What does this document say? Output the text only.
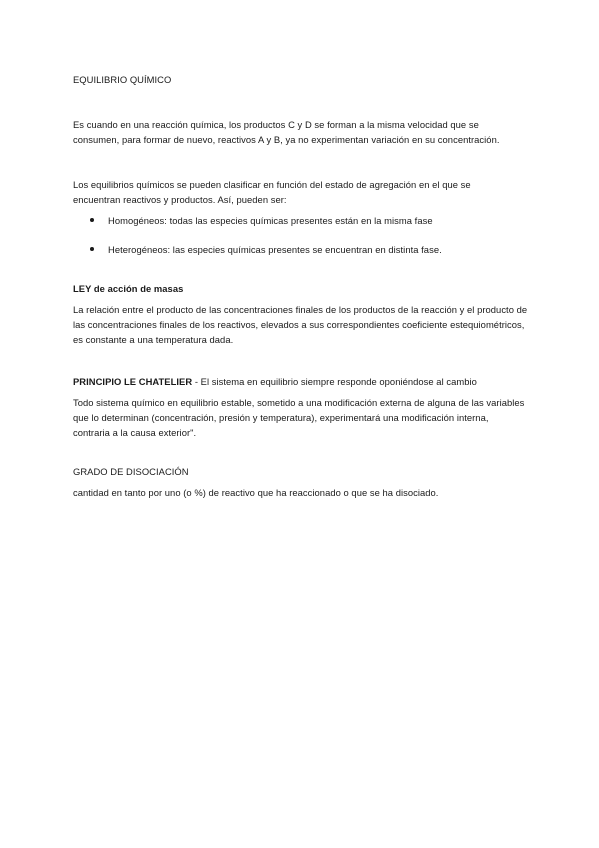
EQUILIBRIO QUÍMICO
Es cuando en una reacción química, los productos C y D se forman a la misma velocidad que se consumen, para formar de nuevo, reactivos A y B, ya no experimentan variación en su concentración.
Los equilibrios químicos se pueden clasificar en función del estado de agregación en el que se encuentran reactivos y productos. Así, pueden ser:
Homogéneos: todas las especies químicas presentes están en la misma fase
Heterogéneos: las especies químicas presentes se encuentran en distinta fase.
LEY de acción de masas
La relación entre el producto de las concentraciones finales de los productos de la reacción y el producto de las concentraciones finales de los reactivos, elevados a sus correspondientes coeficiente estequiométricos, es constante a una temperatura dada.
PRINCIPIO LE CHATELIER - El sistema en equilibrio siempre responde oponiéndose al cambio
Todo sistema químico en equilibrio estable, sometido a una modificación externa de alguna de las variables que lo determinan (concentración, presión y temperatura), experimentará una modificación interna, contraria a la causa exterior".
GRADO DE DISOCIACIÓN
cantidad en tanto por uno (o %) de reactivo que ha reaccionado o que se ha disociado.
